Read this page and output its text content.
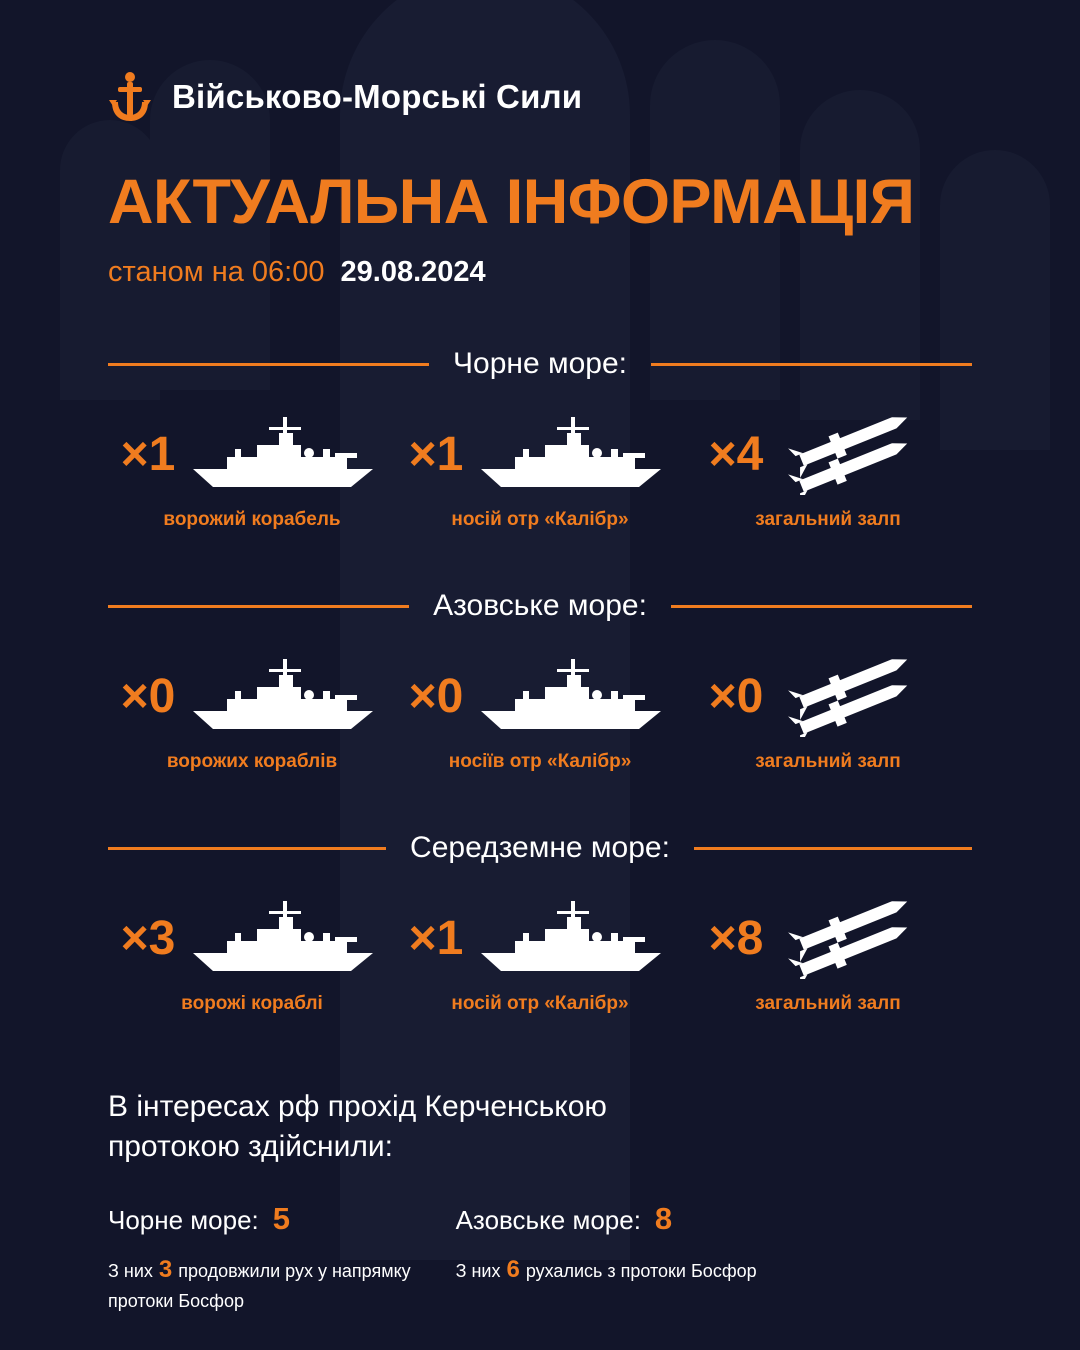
Військово-Морські Сили
АКТУАЛЬНА ІНФОРМАЦІЯ
станом на 06:00 29.08.2024
Чорне море:
×1
ворожий корабель
×1
носій отр «Калібр»
×4
загальний залп
Азовське море:
×0
ворожих кораблів
×0
носіїв отр «Калібр»
×0
загальний залп
Середземне море:
×3
ворожі кораблі
×1
носій отр «Калібр»
×8
загальний залп
В інтересах рф прохід Керченською протокою здійснили:
Чорне море: 5
З них 3 продовжили рух у напрямку протоки Босфор
Азовське море: 8
З них 6 рухались з протоки Босфор
